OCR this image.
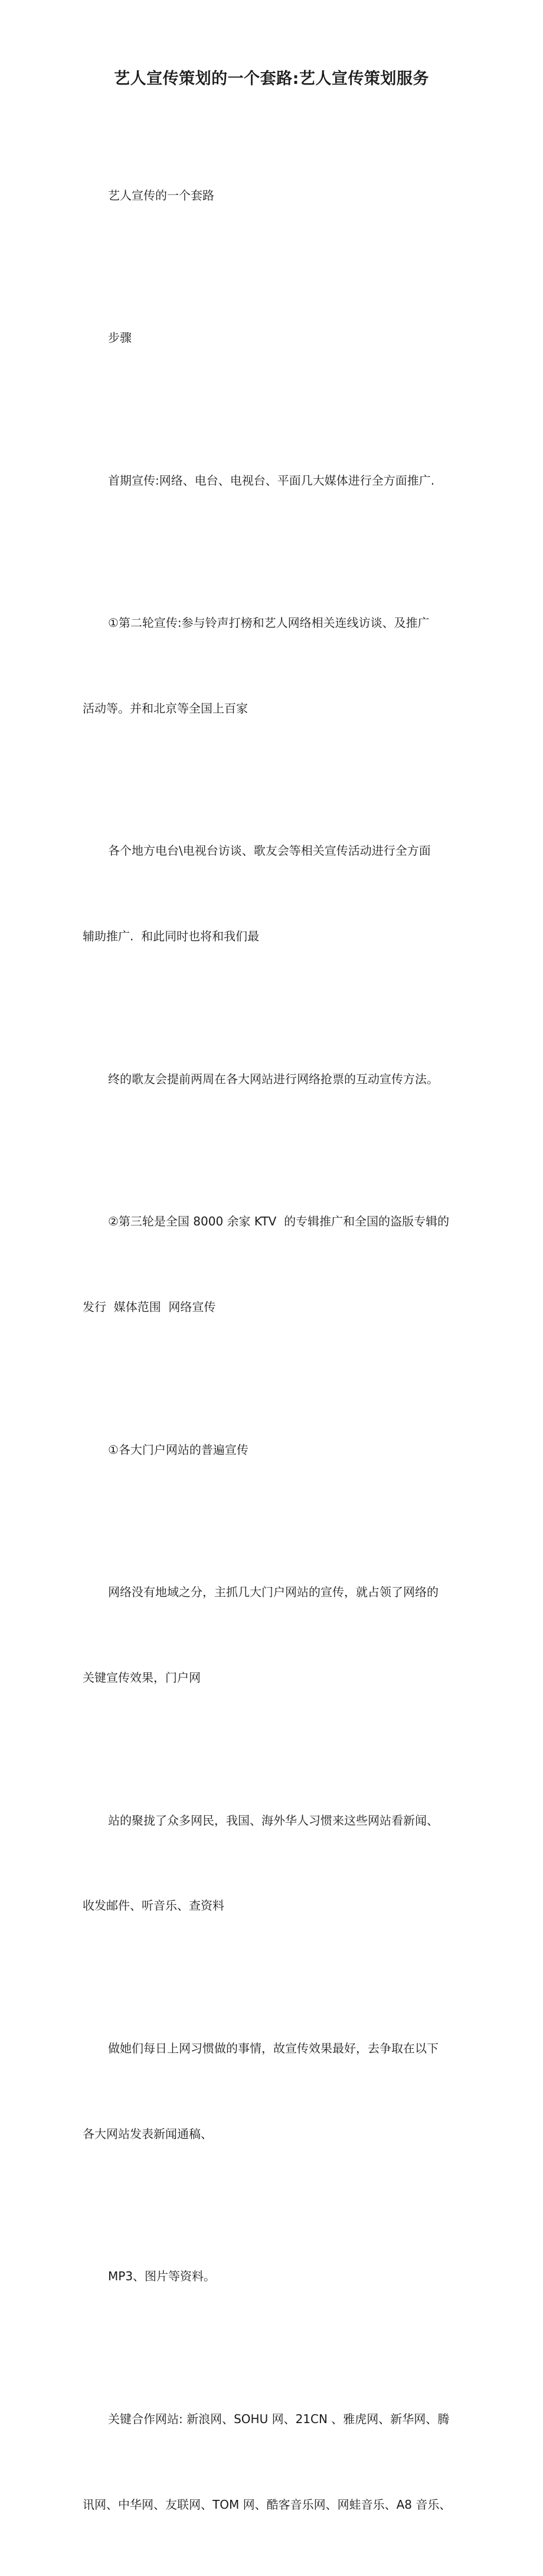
艺人宣传策划的一个套路:艺人宣传策划服务

艺人宣传的一个套路

步骤

首期宣传:网络、电台、电视台、平面几大媒体进行全方面推广.

①第二轮宣传:参与铃声打榜和艺人网络相关连线访谈、及推广

活动等。并和北京等全国上百家

各个地方电台\电视台访谈、歌友会等相关宣传活动进行全方面

辅助推广.  和此同时也将和我们最

终的歌友会提前两周在各大网站进行网络抢票的互动宣传方法。

②第三轮是全国 8000 余家 KTV  的专辑推广和全国的盗版专辑的

发行  媒体范围  网络宣传

①各大门户网站的普遍宣传

网络没有地域之分，主抓几大门户网站的宣传，就占领了网络的

关键宣传效果，门户网

站的聚拢了众多网民，我国、海外华人习惯来这些网站看新闻、

收发邮件、听音乐、查资料

做她们每日上网习惯做的事情，故宣传效果最好，去争取在以下

各大网站发表新闻通稿、

MP3、图片等资料。

关键合作网站: 新浪网、SOHU 网、21CN 、雅虎网、新华网、腾

讯网、中华网、友联网、TOM 网、酷客音乐网、网蛙音乐、A8 音乐、
